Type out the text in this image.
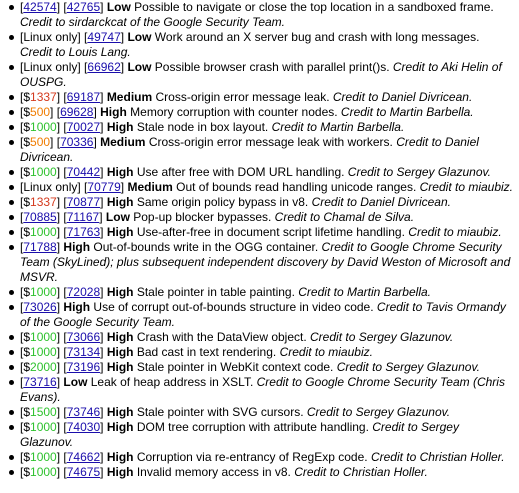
[42574] [42765] Low Possible to navigate or close the top location in a sandboxed frame. Credit to sirdarckcat of the Google Security Team.
[Linux only] [49747] Low Work around an X server bug and crash with long messages. Credit to Louis Lang.
[Linux only] [66962] Low Possible browser crash with parallel print()s. Credit to Aki Helin of OUSPG.
[$1337] [69187] Medium Cross-origin error message leak. Credit to Daniel Divricean.
[$500] [69628] High Memory corruption with counter nodes. Credit to Martin Barbella.
[$1000] [70027] High Stale node in box layout. Credit to Martin Barbella.
[$500] [70336] Medium Cross-origin error message leak with workers. Credit to Daniel Divricean.
[$1000] [70442] High Use after free with DOM URL handling. Credit to Sergey Glazunov.
[Linux only] [70779] Medium Out of bounds read handling unicode ranges. Credit to miaubiz.
[$1337] [70877] High Same origin policy bypass in v8. Credit to Daniel Divricean.
[70885] [71167] Low Pop-up blocker bypasses. Credit to Chamal de Silva.
[$1000] [71763] High Use-after-free in document script lifetime handling. Credit to miaubiz.
[71788] High Out-of-bounds write in the OGG container. Credit to Google Chrome Security Team (SkyLined); plus subsequent independent discovery by David Weston of Microsoft and MSVR.
[$1000] [72028] High Stale pointer in table painting. Credit to Martin Barbella.
[73026] High Use of corrupt out-of-bounds structure in video code. Credit to Tavis Ormandy of the Google Security Team.
[$1000] [73066] High Crash with the DataView object. Credit to Sergey Glazunov.
[$1000] [73134] High Bad cast in text rendering. Credit to miaubiz.
[$2000] [73196] High Stale pointer in WebKit context code. Credit to Sergey Glazunov.
[73716] Low Leak of heap address in XSLT. Credit to Google Chrome Security Team (Chris Evans).
[$1500] [73746] High Stale pointer with SVG cursors. Credit to Sergey Glazunov.
[$1000] [74030] High DOM tree corruption with attribute handling. Credit to Sergey Glazunov.
[$1000] [74662] High Corruption via re-entrancy of RegExp code. Credit to Christian Holler.
[$1000] [74675] High Invalid memory access in v8. Credit to Christian Holler.
